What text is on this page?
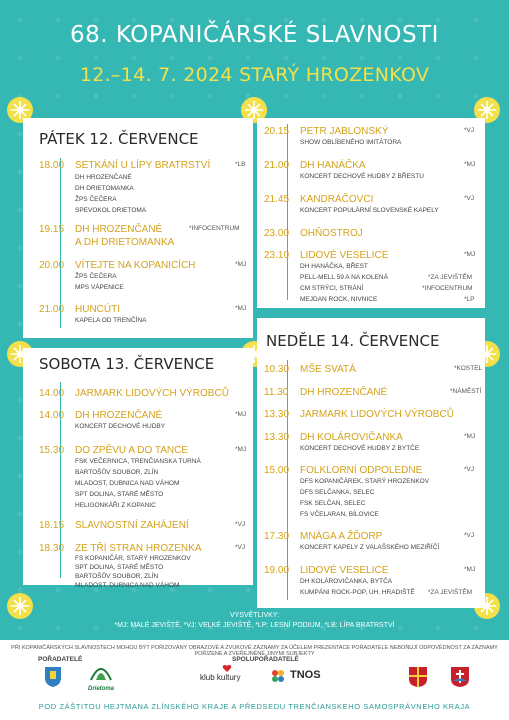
68. KOPANIČÁRSKÉ SLAVNOSTI
12.–14. 7. 2024 STARÝ HROZENKOV
PÁTEK 12. ČERVENCE
18.00 SETKÁNÍ U LÍPY BRATRSTVÍ	*LB
DH HROZENČANÉ
DH DRIETOMANKA
ŽPS ČEČERA
SPEVOKOL DRIETOMA
19.15 DH HROZENČANÉ	*INFOCENTRUM
A DH DRIETOMANKA
20.00 VÍTEJTE NA KOPANICÍCH	*MJ
ŽPS ČEČERA
MPS VÁPENICE
21.00 HUNCÚTI	*MJ
KAPELA OD TRENČÍNA
SOBOTA 13. ČERVENCE
14.00 JARMARK LIDOVÝCH VÝROBCŮ
14.00 DH HROZENČANÉ	*MJ
KONCERT DECHOVÉ HUDBY
15.30 DO ZPĚVU A DO TANCE	*MJ
FSK VEČERNICA, TRENČIANSKA TURNÁ
BARTOŠŮV SOUBOR, ZLÍN
MLADOST, DUBNICA NAD VÁHOM
SPT DOLINA, STARÉ MĚSTO
HELIGONKÁŘI Z KOPANIC
18.15 SLAVNOSTNÍ ZAHÁJENÍ	*VJ
18.30 ZE TŘÍ STRAN HROZENKA	*VJ
FS KOPANIČÁR, STARÝ HROZENKOV
SPT DOLINA, STARÉ MĚSTO
BARTOŠŮV SOUBOR, ZLÍN
MLADOST, DUBNICA NAD VÁHOM
20.15 PETR JABLONSKÝ	*VJ
SHOW OBLÍBENÉHO IMITÁTORA
21.00 DH HANÁČKA	*MJ
KONCERT DECHOVÉ HUDBY Z BŘESTU
21.45 KANDRÁČOVCI	*VJ
KONCERT POPULÁRNÍ SLOVENSKÉ KAPELY
23.00 OHŇOSTROJ
23.10 LIDOVÉ VESELICE	*MJ
DH HANÁČKA, BŘEST
PELL-MELL 59 A NA KOLENÁ	*ZA JEVIŠTĚM
CM STRÝCI, STRÁNÍ	*INFOCENTRUM
MEJDAN ROCK, NIVNICE	*LP
NEDĚLE 14. ČERVENCE
10.30 MŠE SVATÁ	*KOSTEL
11.30 DH HROZENČANÉ	*NÁMĚSTÍ
13.30 JARMARK LIDOVÝCH VÝROBCŮ
13.30 DH KOLÁROVIČANKA	*MJ
KONCERT DECHOVÉ HUDBY Z BYTČE
15.00 FOLKLORNÍ ODPOLEDNE	*VJ
DFS KOPANIČÁREK, STARÝ HROZENKOV
DFS SELČANKA, SELEC
FSK SELČAN, SELEC
FS VČELARAN, BÍLOVICE
17.30 MNÁGA A ŽĎORP	*VJ
KONCERT KAPELY Z VALAŠSKÉHO MEZIŘÍČÍ
19.00 LIDOVÉ VESELICE	*MJ
DH KOLÁROVIČANKA, BYTČA
KUMPÁNI ROCK-POP, UH. HRADIŠTĚ *ZA JEVIŠTĚM
VYSVĚTLIVKY:
*MJ: MALÉ JEVIŠTĚ, *VJ: VELKÉ JEVIŠTĚ, *LP: LESNÍ PODIUM, *LB: LÍPA BRATRSTVÍ
PŘI KOPANIČÁRSKÝCH SLAVNOSTECH MOHOU BÝT POŘIZOVÁNY OBRAZOVÉ A ZVUKOVÉ ZÁZNAMY ZA ÚČELEM PREZENTACE POŘADATELE NEBOŇUJÍ ODPOVĚDNOST ZA ZÁZNAMY POŘÍZENÉ A ZVEŘEJNĚNÉ JINÝMI SUBJEKTY
POŘADATELÉ	SPOLUPOŘADATELÉ
Drietoma
klub kultury	TNOS
POD ZÁŠTITOU HEJTMANA ZLÍNSKÉHO KRAJE A PŘEDSEDU TRENČIANSKEHO SAMOSPRÁVNEHO KRAJA
